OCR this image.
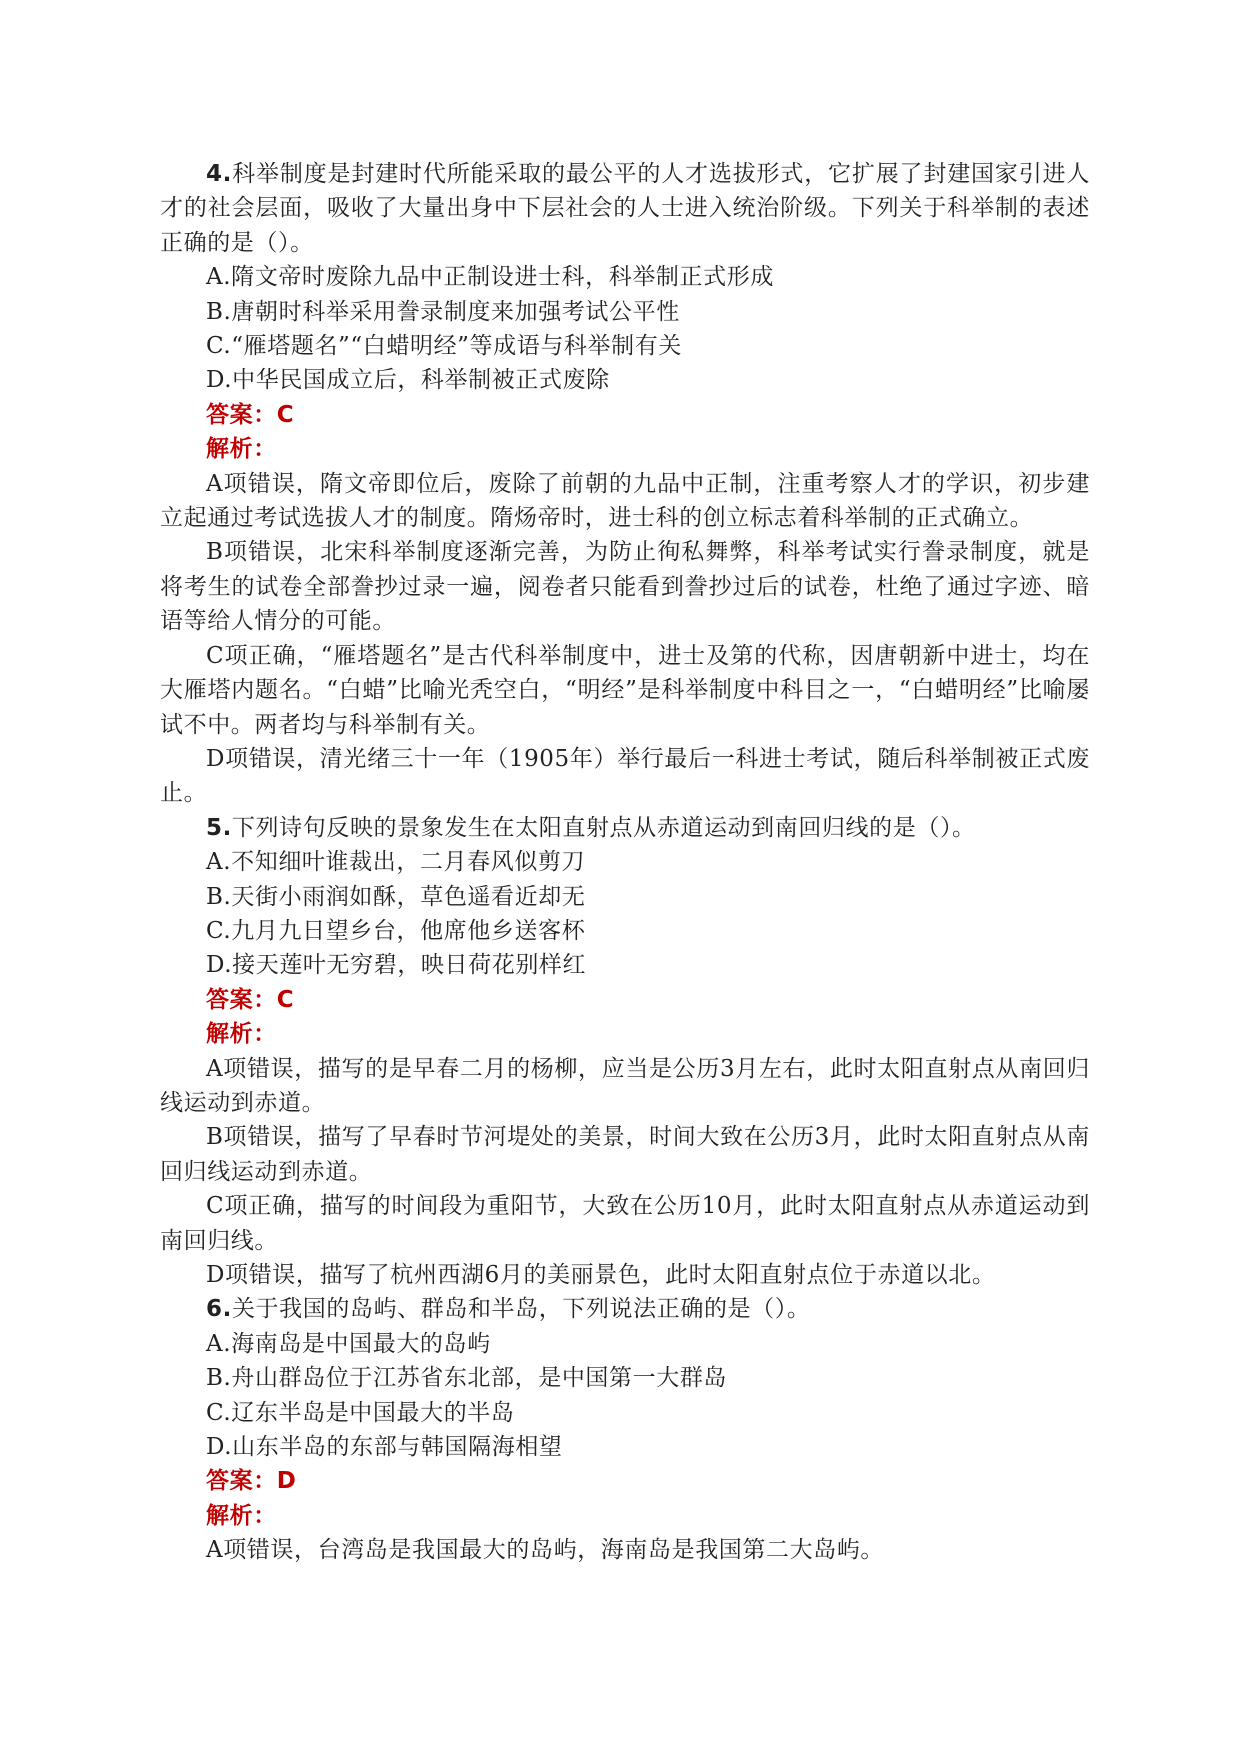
4.科举制度是封建时代所能采取的最公平的人才选拔形式，它扩展了封建国家引进人才的社会层面，吸收了大量出身中下层社会的人士进入统治阶级。下列关于科举制的表述正确的是（）。

A.隋文帝时废除九品中正制设进士科，科举制正式形成

B.唐朝时科举采用誊录制度来加强考试公平性

C.“雁塔题名”“白蜡明经”等成语与科举制有关

D.中华民国成立后，科举制被正式废除

答案：C

解析：

A项错误，隋文帝即位后，废除了前朝的九品中正制，注重考察人才的学识，初步建立起通过考试选拔人才的制度。隋炀帝时，进士科的创立标志着科举制的正式确立。

B项错误，北宋科举制度逐渐完善，为防止徇私舞弊，科举考试实行誊录制度，就是将考生的试卷全部誊抄过录一遍，阅卷者只能看到誊抄过后的试卷，杜绝了通过字迹、暗语等给人情分的可能。

C项正确，“雁塔题名”是古代科举制度中，进士及第的代称，因唐朝新中进士，均在大雁塔内题名。“白蜡”比喻光秃空白，“明经”是科举制度中科目之一，“白蜡明经”比喻屡试不中。两者均与科举制有关。

D项错误，清光绪三十一年（1905年）举行最后一科进士考试，随后科举制被正式废止。

5.下列诗句反映的景象发生在太阳直射点从赤道运动到南回归线的是（）。

A.不知细叶谁裁出，二月春风似剪刀

B.天街小雨润如酥，草色遥看近却无

C.九月九日望乡台，他席他乡送客杯

D.接天莲叶无穷碧，映日荷花别样红

答案：C

解析：

A项错误，描写的是早春二月的杨柳，应当是公历3月左右，此时太阳直射点从南回归线运动到赤道。

B项错误，描写了早春时节河堤处的美景，时间大致在公历3月，此时太阳直射点从南回归线运动到赤道。

C项正确，描写的时间段为重阳节，大致在公历10月，此时太阳直射点从赤道运动到南回归线。

D项错误，描写了杭州西湖6月的美丽景色，此时太阳直射点位于赤道以北。

6.关于我国的岛屿、群岛和半岛，下列说法正确的是（）。

A.海南岛是中国最大的岛屿

B.舟山群岛位于江苏省东北部，是中国第一大群岛

C.辽东半岛是中国最大的半岛

D.山东半岛的东部与韩国隔海相望

答案：D

解析：

A项错误，台湾岛是我国最大的岛屿，海南岛是我国第二大岛屿。
